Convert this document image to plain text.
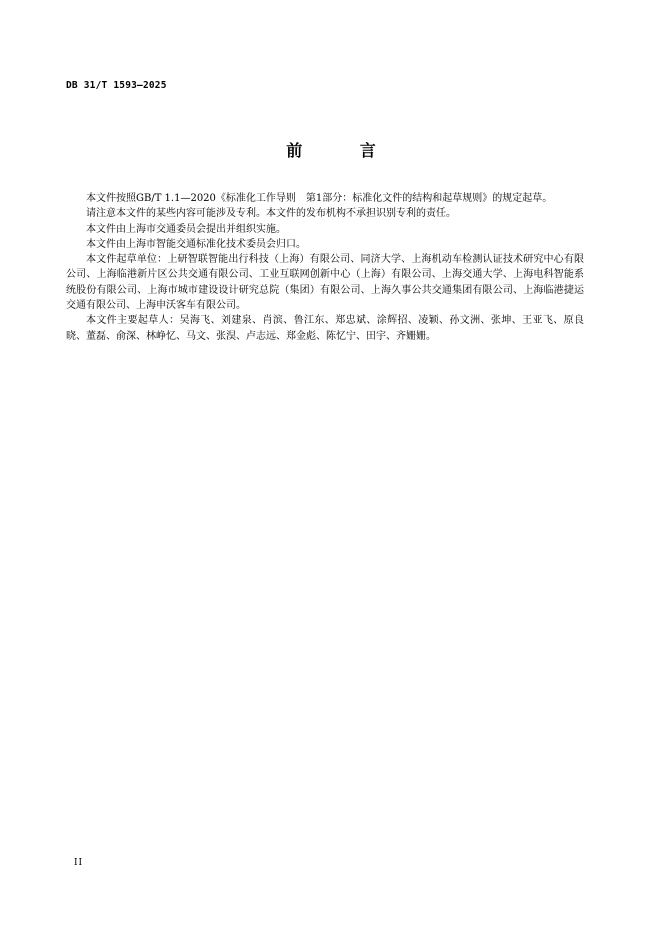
DB 31/T 1593—2025
前 言

本文件按照GB/T 1.1—2020《标准化工作导则　第1部分：标准化文件的结构和起草规则》的规定起草。

请注意本文件的某些内容可能涉及专利。本文件的发布机构不承担识别专利的责任。

本文件由上海市交通委员会提出并组织实施。

本文件由上海市智能交通标准化技术委员会归口。

本文件起草单位：上研智联智能出行科技（上海）有限公司、同济大学、上海机动车检测认证技术研究中心有限公司、上海临港新片区公共交通有限公司、工业互联网创新中心（上海）有限公司、上海交通大学、上海电科智能系统股份有限公司、上海市城市建设设计研究总院（集团）有限公司、上海久事公共交通集团有限公司、上海临港捷运交通有限公司、上海申沃客车有限公司。

本文件主要起草人：吴海飞、刘建泉、肖滨、鲁江东、郑忠斌、涂辉招、凌颖、孙文洲、张坤、王亚飞、原良晓、董磊、俞深、林峥忆、马文、张淏、卢志远、郑金彪、陈忆宁、田宇、齐姗姗。

II
